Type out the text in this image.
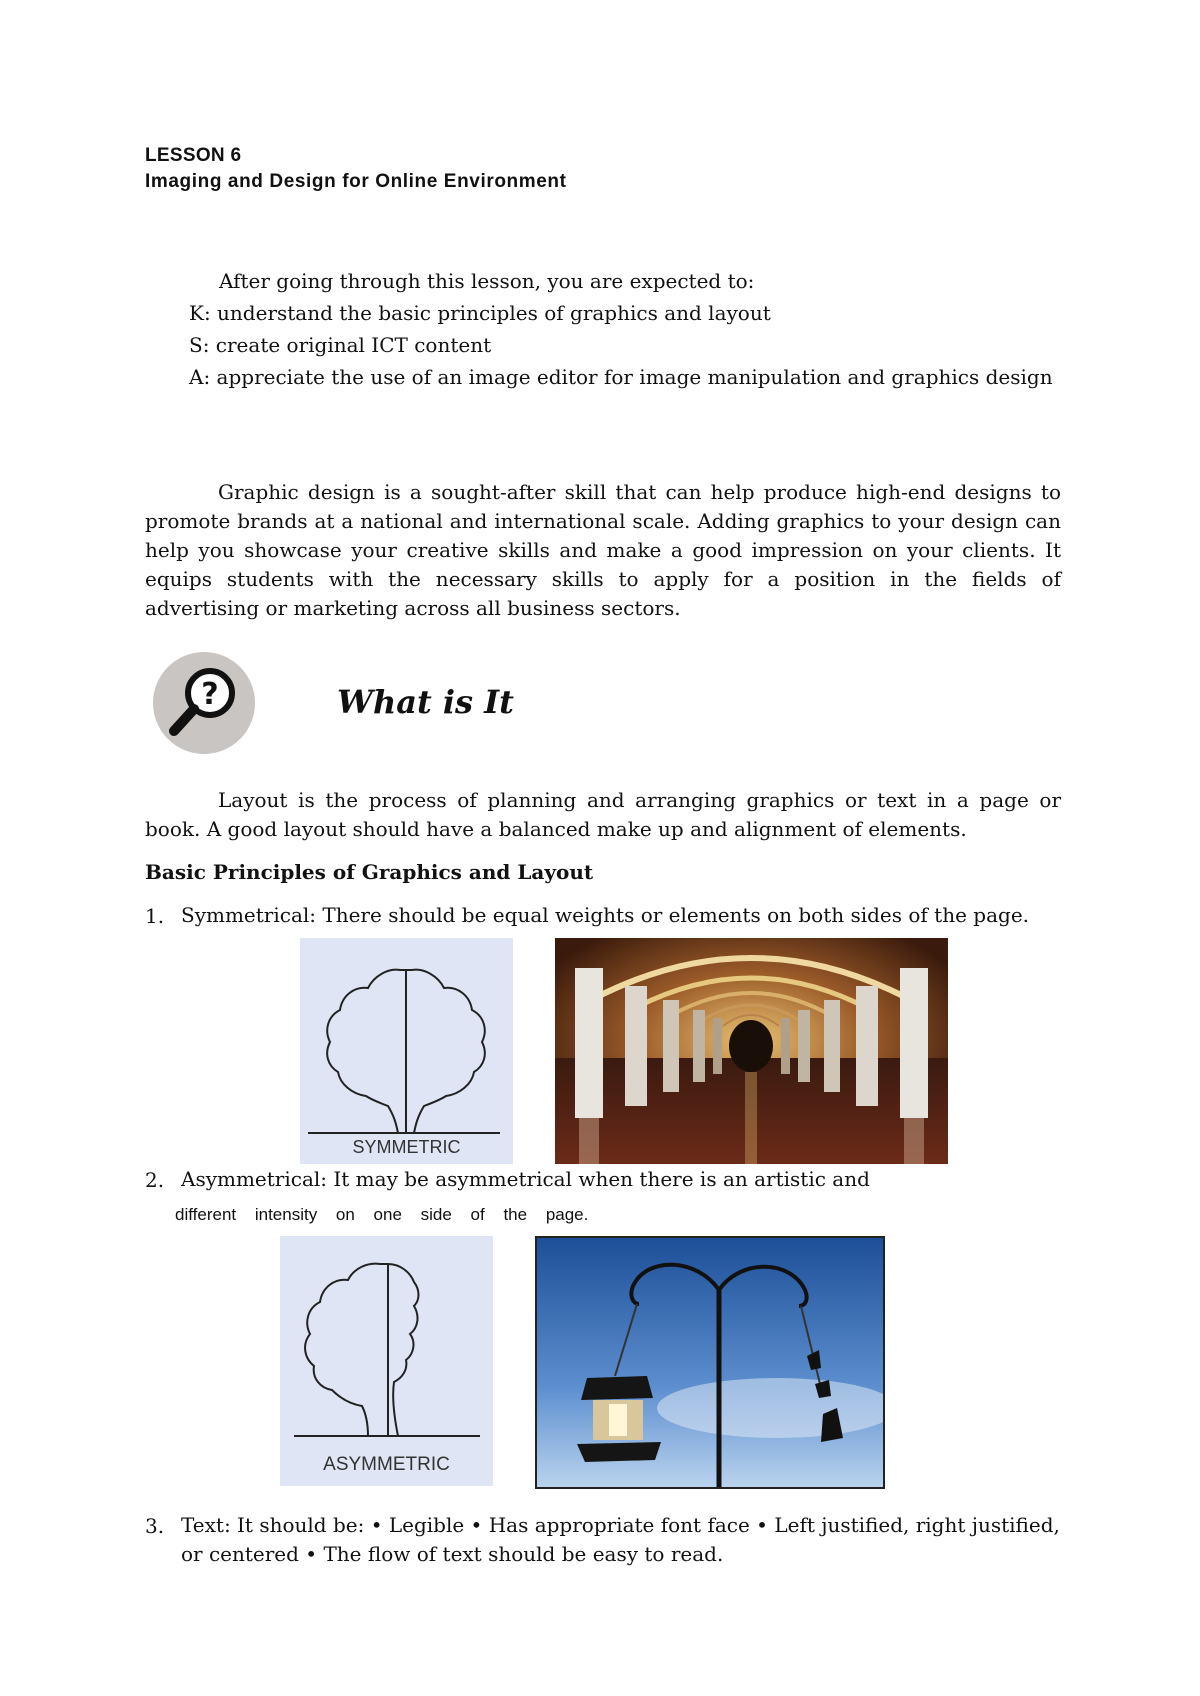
LESSON 6
Imaging and Design for Online Environment
After going through this lesson, you are expected to:
K: understand the basic principles of graphics and layout
S: create original ICT content
A: appreciate the use of an image editor for image manipulation and graphics design
Graphic design is a sought-after skill that can help produce high-end designs to promote brands at a national and international scale. Adding graphics to your design can help you showcase your creative skills and make a good impression on your clients. It equips students with the necessary skills to apply for a position in the fields of advertising or marketing across all business sectors.
?	What is It
Layout is the process of planning and arranging graphics or text in a page or book. A good layout should have a balanced make up and alignment of elements.
Basic Principles of Graphics and Layout
1. Symmetrical: There should be equal weights or elements on both sides of the page.
SYMMETRIC
2. Asymmetrical: It may be asymmetrical when there is an artistic and
different intensity on one side of the page.
ASYMMETRIC
3. Text: It should be: • Legible • Has appropriate font face • Left justified, right justified,
or centered • The flow of text should be easy to read.
